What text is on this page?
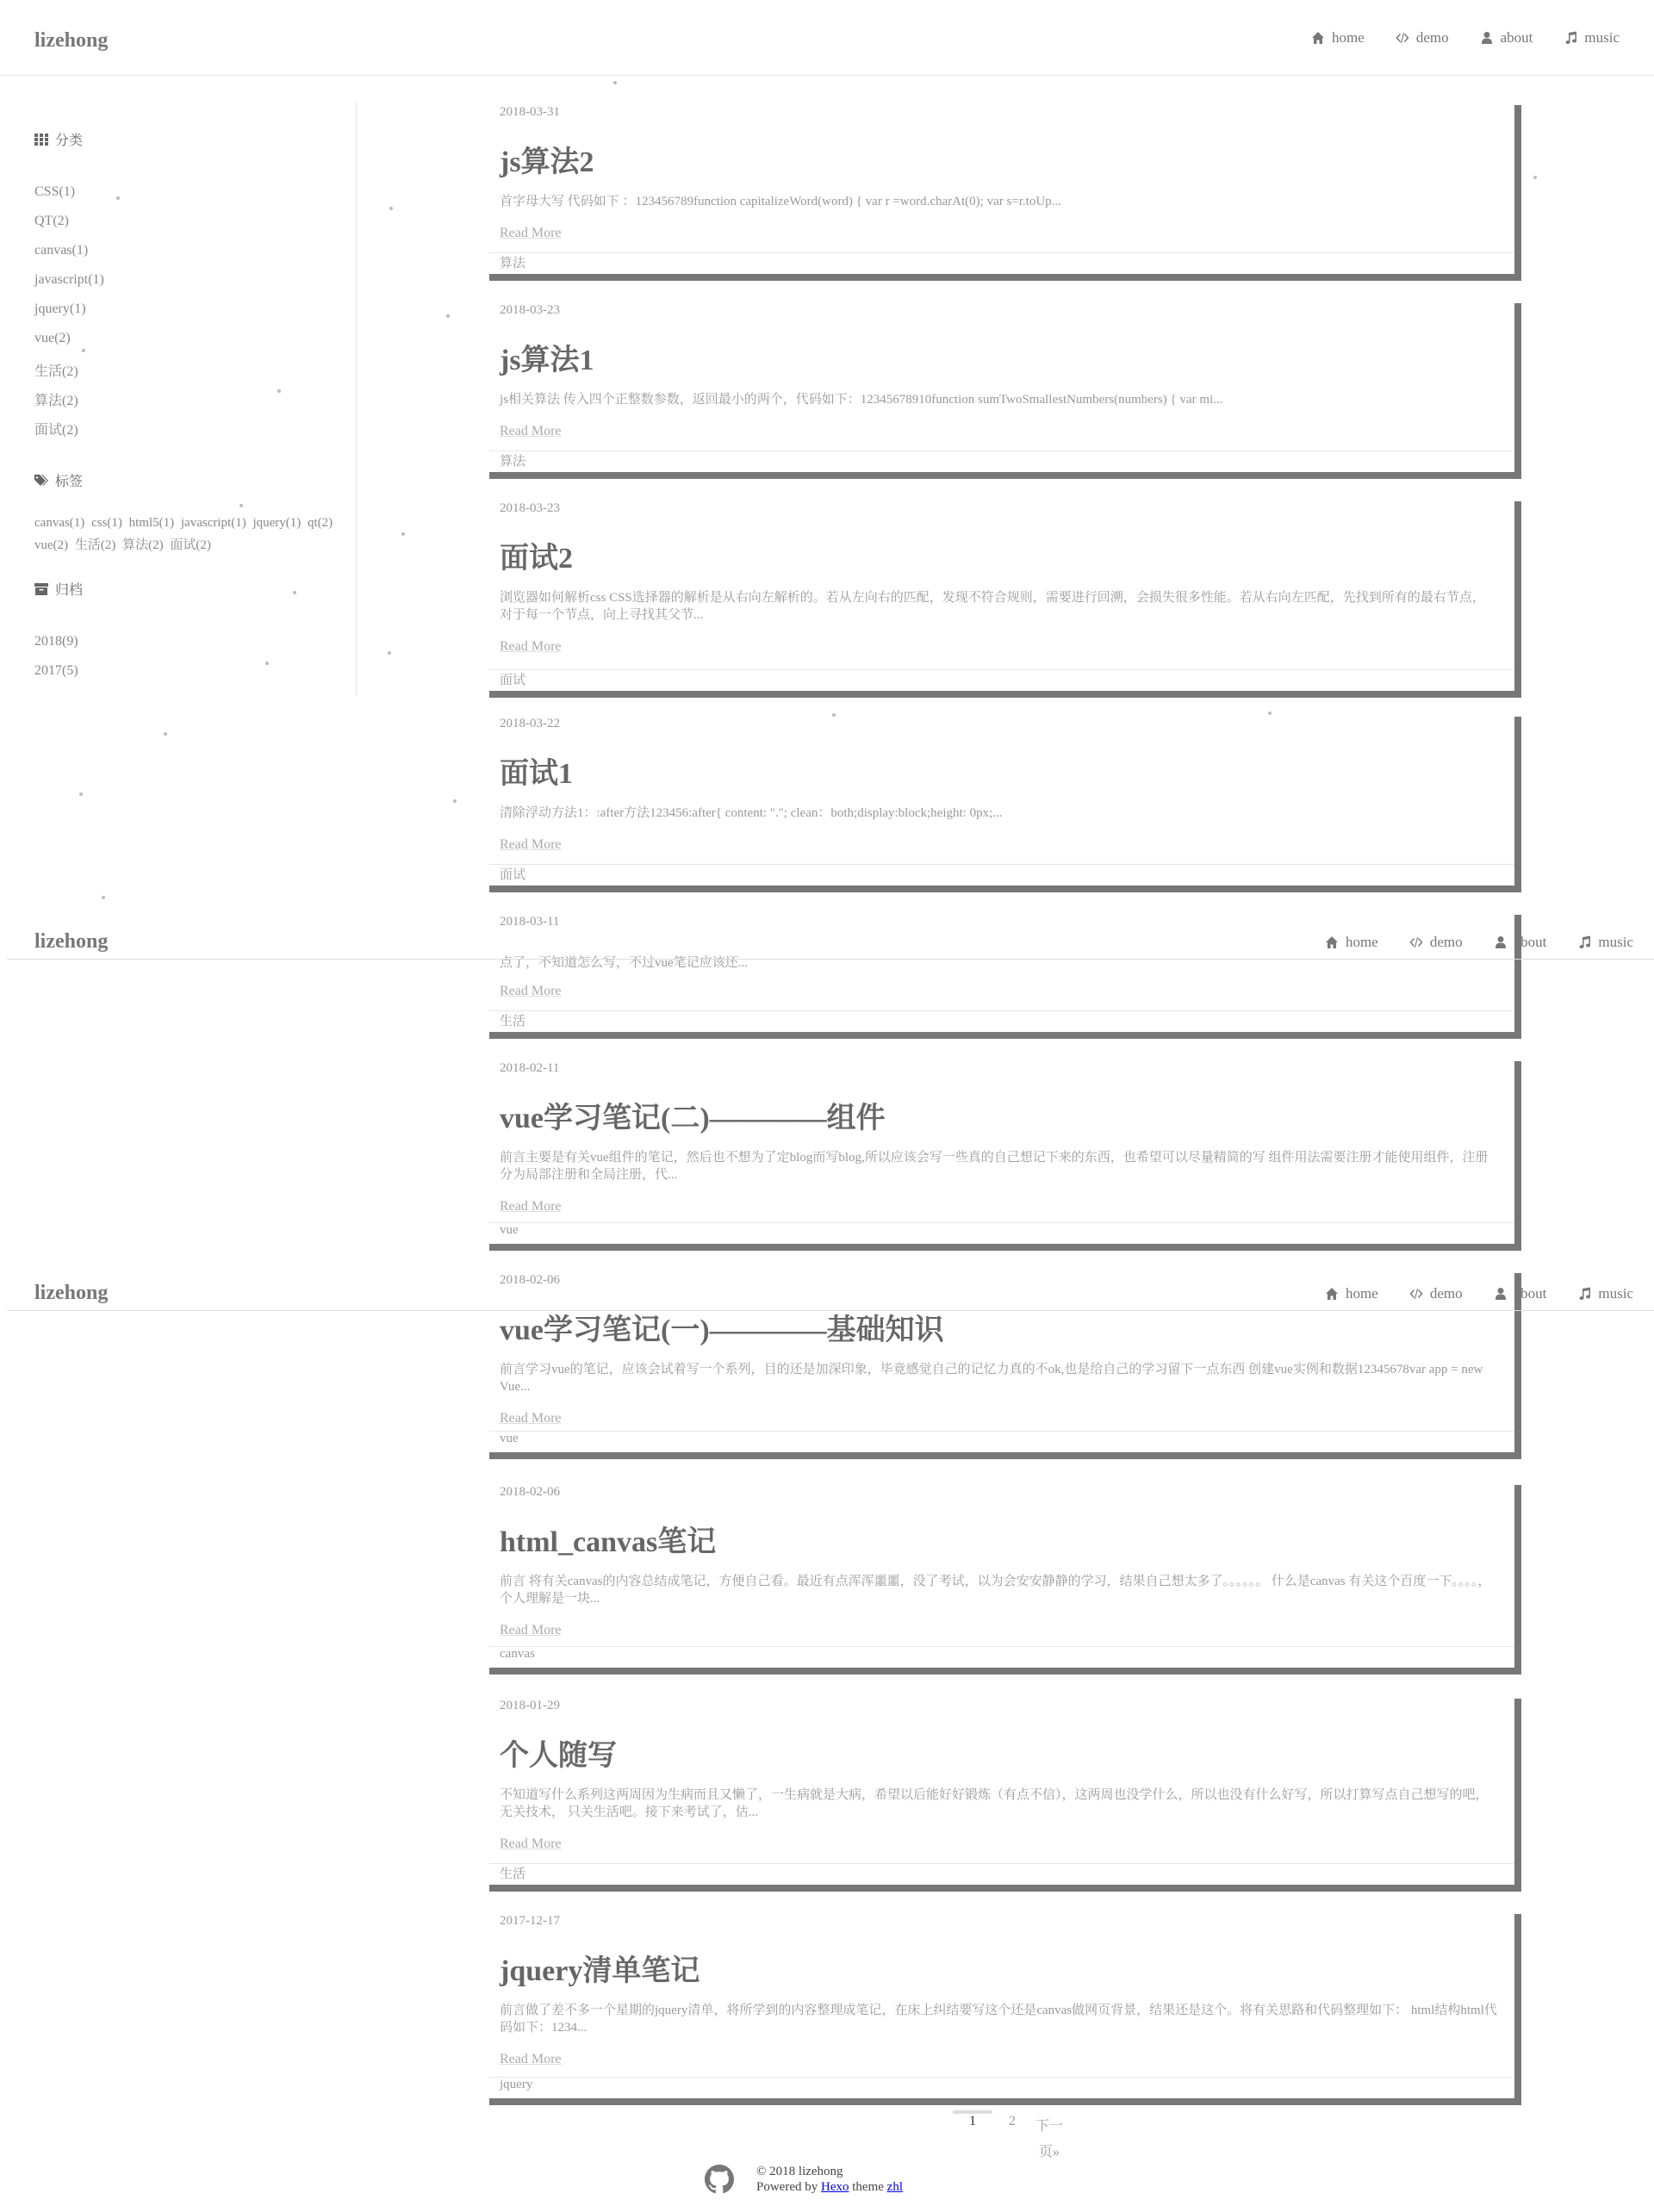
lizehong	home	demo	about	music
分类
CSS(1)
QT(2)
canvas(1)
javascript(1)
jquery(1)
vue(2)
生活(2)
算法(2)
面试(2)
标签
canvas(1) css(1) html5(1) javascript(1) jquery(1) qt(2) vue(2) 生活(2) 算法(2) 面试(2)
归档
2018(9)
2017(5)
2018-03-31
js算法2
首字母大写 代码如下 ：123456789function capitalizeWord(word) { var r =word.charAt(0); var s=r.toUp...
Read More
算法
2018-03-23
js算法1
js相关算法 传入四个正整数参数，返回最小的两个，代码如下：12345678910function sumTwoSmallestNumbers(numbers) { var mi...
Read More
算法
2018-03-23
面试2
浏览器如何解析css CSS选择器的解析是从右向左解析的。若从左向右的匹配，发现不符合规则，需要进行回溯，会损失很多性能。若从右向左匹配，先找到所有的最右节点，对于每一个节点，向上寻找其父节...
Read More
面试
2018-03-22
面试1
清除浮动方法1：:after方法123456:after{ content: "."; clean：both;display:block;height: 0px;...
Read More
面试
2018-03-11
点了，不知道怎么写，不过vue笔记应该还...
Read More
生活
2018-02-11
vue学习笔记(二)————组件
前言主要是有关vue组件的笔记，然后也不想为了定blog而写blog,所以应该会写一些真的自己想记下来的东西，也希望可以尽量精简的写 组件用法需要注册才能使用组件，注册分为局部注册和全局注册，代...
Read More
vue
2018-02-06
vue学习笔记(一)————基础知识
前言学习vue的笔记，应该会试着写一个系列，目的还是加深印象，毕竟感觉自己的记忆力真的不ok,也是给自己的学习留下一点东西 创建vue实例和数据12345678var app = new Vue...
Read More
vue
2018-02-06
html_canvas笔记
前言 将有关canvas的内容总结成笔记，方便自己看。最近有点浑浑噩噩，没了考试，以为会安安静静的学习，结果自己想太多了。。。。。。 什么是canvas 有关这个百度一下。。。。，个人理解是一块...
Read More
canvas
2018-01-29
个人随写
不知道写什么系列这两周因为生病而且又懒了，一生病就是大病，希望以后能好好锻炼（有点不信），这两周也没学什么，所以也没有什么好写，所以打算写点自己想写的吧，无关技术， 只关生活吧。接下来考试了，估...
Read More
生活
2017-12-17
jquery清单笔记
前言做了差不多一个星期的jquery清单，将所学到的内容整理成笔记，在床上纠结要写这个还是canvas做网页背景，结果还是这个。将有关思路和代码整理如下： html结构html代码如下：1234...
Read More
jquery
lizehong	home	demo	about	music
lizehong	home	demo	about	music
1	2	下一页»
© 2018 lizehong
Powered by Hexo theme zhl
